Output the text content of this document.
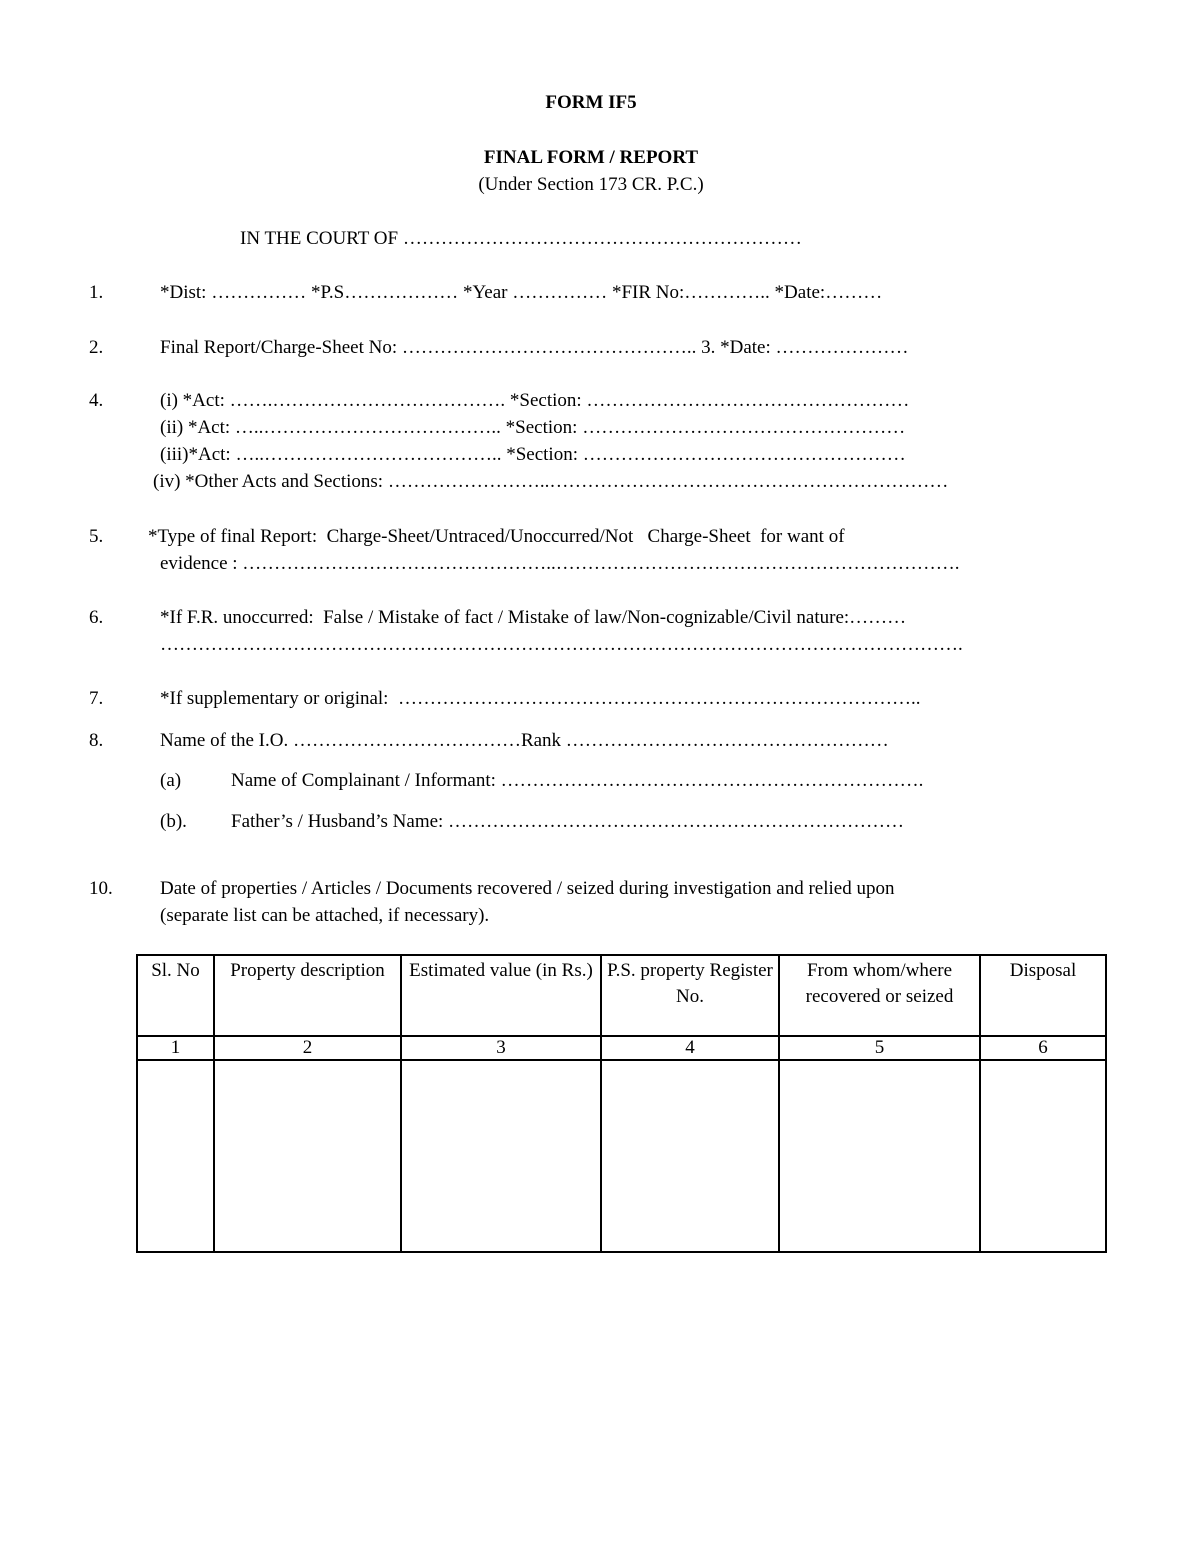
FORM IF5
FINAL FORM / REPORT
(Under Section 173 CR. P.C.)
IN THE COURT OF ………………………………………………………
1.	*Dist: …………… *P.S……………… *Year …………… *FIR No:………….. *Date:………
2.	Final Report/Charge-Sheet No: ……………………………………….. 3. *Date: …………………
4.	(i) *Act: …….………………………………. *Section: ……………………………………………
(ii) *Act: …..……………………………….. *Section: ……………………………………………
(iii)*Act: …..……………………………….. *Section: ……………………………………………
(iv) *Other Acts and Sections: ……………………..………………………………………………………
5. *Type of final Report:  Charge-Sheet/Untraced/Unoccurred/Not   Charge-Sheet  for want of
evidence : …………………………………………..……………………………………………………….
6.	*If F.R. unoccurred:  False / Mistake of fact / Mistake of law/Non-cognizable/Civil nature:………
……………………………………………………………………………………………………………….
7.	*If supplementary or original:  ………………………………………………………………………..
8.	Name of the I.O. ………………………………Rank ……………………………………………
(a)	Name of Complainant / Informant: ………………………………………………………….
(b). Father’s / Husband’s Name: ………………………………………………………………
10. Date of properties / Articles / Documents recovered / seized during investigation and relied upon
(separate list can be attached, if necessary).
Sl. No	Property description	Estimated value (in Rs.)	P.S. property Register No.	From whom/where recovered or seized	Disposal
1	2	3	4	5	6
